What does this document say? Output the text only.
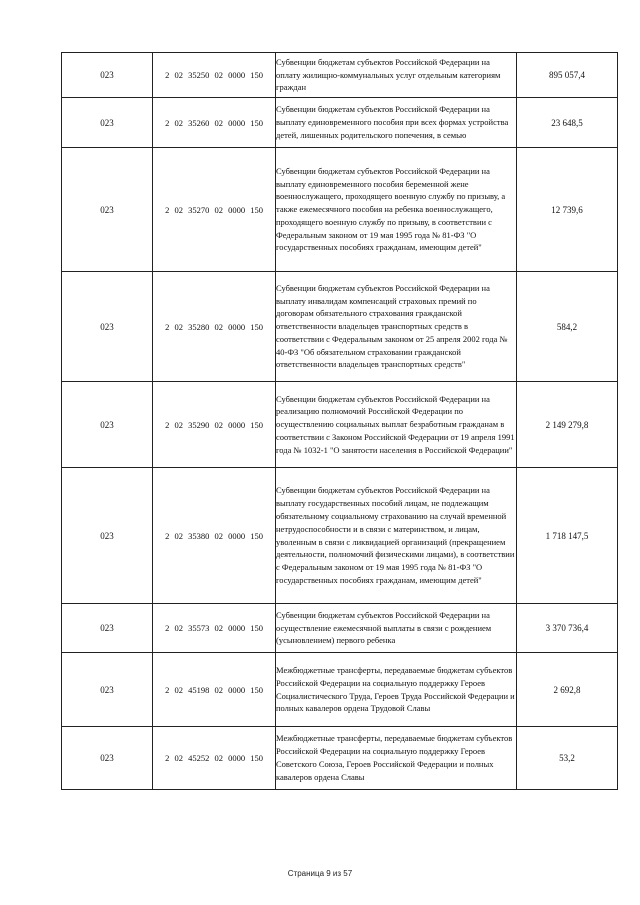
023	2 02 35250 02 0000 150	Субвенции бюджетам субъектов Российской Федерации на оплату жилищно-коммунальных услуг отдельным категориям граждан	895 057,4
023	2 02 35260 02 0000 150	Субвенции бюджетам субъектов Российской Федерации на выплату единовременного пособия при всех формах устройства детей, лишенных родительского попечения, в семью	23 648,5
023	2 02 35270 02 0000 150	Субвенции бюджетам субъектов Российской Федерации на выплату единовременного пособия беременной жене военнослужащего, проходящего военную службу по призыву, а также ежемесячного пособия на ребенка военнослужащего, проходящего военную службу по призыву, в соответствии с Федеральным законом от 19 мая 1995 года № 81-ФЗ "О государственных пособиях гражданам, имеющим детей"	12 739,6
023	2 02 35280 02 0000 150	Субвенции бюджетам субъектов Российской Федерации на выплату инвалидам компенсаций страховых премий по договорам обязательного страхования гражданской ответственности владельцев транспортных средств в соответствии с Федеральным законом от 25 апреля 2002 года № 40-ФЗ "Об обязательном страховании гражданской ответственности владельцев транспортных средств"	584,2
023	2 02 35290 02 0000 150	Субвенции бюджетам субъектов Российской Федерации на реализацию полномочий Российской Федерации по осуществлению социальных выплат безработным гражданам в соответствии с Законом Российской Федерации от 19 апреля 1991 года № 1032-1 "О занятости населения в Российской Федерации"	2 149 279,8
023	2 02 35380 02 0000 150	Субвенции бюджетам субъектов Российской Федерации на выплату государственных пособий лицам, не подлежащим обязательному социальному страхованию на случай временной нетрудоспособности и в связи с материнством, и лицам, уволенным в связи с ликвидацией организаций (прекращением деятельности, полномочий физическими лицами), в соответствии с Федеральным законом от 19 мая 1995 года № 81-ФЗ "О государственных пособиях гражданам, имеющим детей"	1 718 147,5
023	2 02 35573 02 0000 150	Субвенции бюджетам субъектов Российской Федерации на осуществление ежемесячной выплаты в связи с рождением (усыновлением) первого ребенка	3 370 736,4
023	2 02 45198 02 0000 150	Межбюджетные трансферты, передаваемые бюджетам субъектов Российской Федерации на социальную поддержку Героев Социалистического Труда, Героев Труда Российской Федерации и полных кавалеров ордена Трудовой Славы	2 692,8
023	2 02 45252 02 0000 150	Межбюджетные трансферты, передаваемые бюджетам субъектов Российской Федерации на социальную поддержку Героев Советского Союза, Героев Российской Федерации и полных кавалеров ордена Славы	53,2
Страница 9 из 57
